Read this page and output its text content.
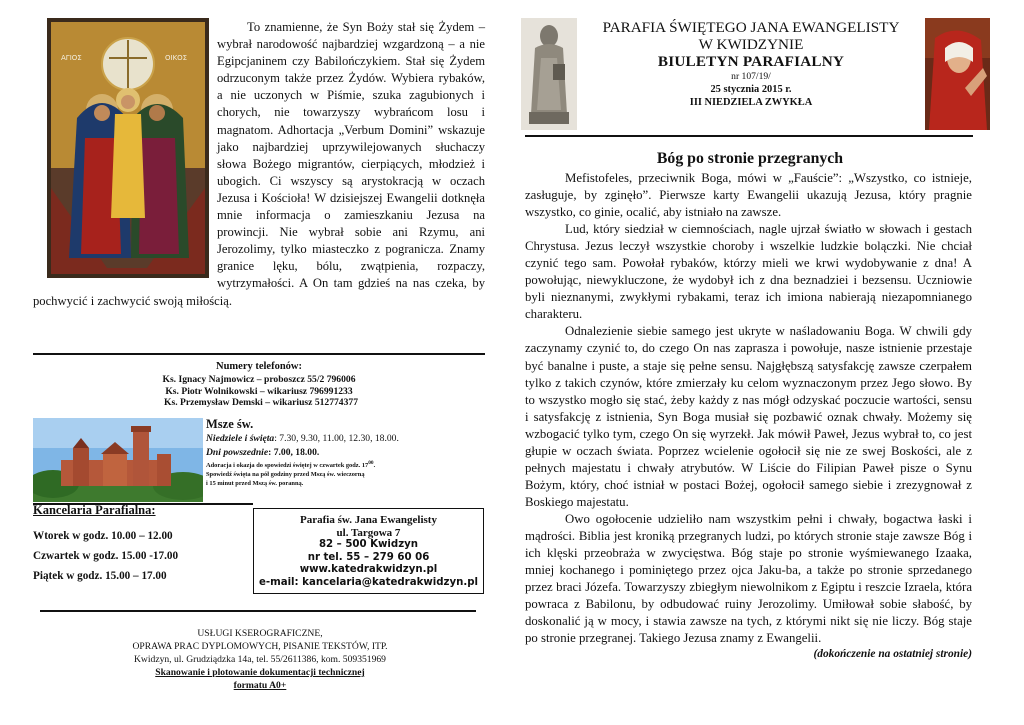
ΑΓΙΟΣ	ΟΙΚΟΣ
To znamienne, że Syn Boży stał się Żydem – wybrał narodowość najbardziej wzgardzoną – a nie Egipcjaninem czy Babilończykiem. Stał się Żydem odrzuconym także przez Żydów. Wybiera rybaków, a nie uczonych w Piśmie, szuka zagubionych i chorych, nie towarzyszy wybrańcom losu i magnatom. Adhortacja „Verbum Domini” wskazuje jako najbardziej uprzywilejowanych słuchaczy słowa Bożego migrantów, cierpiących, młodzież i ubogich. Ci wszyscy są arystokracją w oczach Jezusa i Kościoła! W dzisiejszej Ewangelii dotknęła mnie informacja o zamieszkaniu Jezusa na prowincji. Nie wybrał sobie ani Rzymu, ani Jerozolimy, tylko miasteczko z pogranicza. Znamy granice lęku, bólu, zwątpienia, rozpaczy, wytrzymałości. A On tam gdzieś na nas czeka, by pochwycić i zachwycić swoją miłością.
Numery telefonów:
Ks. Ignacy Najmowicz – proboszcz 55/2 796006
Ks. Piotr Wolnikowski – wikariusz 796991233
Ks. Przemysław Demski – wikariusz 512774377
Msze św.
Niedziele i święta: 7.30, 9.30, 11.00, 12.30, 18.00.
Dni powszednie: 7.00, 18.00.
Adoracja i okazja do spowiedzi świętej w czwartek godz. $17^{00}$.
Spowiedź święta na pół godziny przed Mszą św. wieczorną
i 15 minut przed Mszą św. poranną.
Kancelaria Parafialna:
Wtorek w godz. 10.00 – 12.00
Czwartek w godz. 15.00 -17.00
Piątek w godz. 15.00 – 17.00
Parafia św. Jana Ewangelisty
ul. Targowa 7
82 – 500 Kwidzyn
nr tel. 55 – 279 60 06
www.katedrakwidzyn.pl
e-mail: kancelaria@katedrakwidzyn.pl
USŁUGI KSEROGRAFICZNE,
OPRAWA PRAC DYPLOMOWYCH, PISANIE TEKSTÓW, ITP.
Kwidzyn, ul. Grudziądzka 14a, tel. 55/2611386, kom. 509351969
Skanowanie i plotowanie dokumentacji technicznej
formatu A0+
PARAFIA ŚWIĘTEGO JANA EWANGELISTY
W KWIDZYNIE
BIULETYN PARAFIALNY
nr 107/19/
25 stycznia 2015 r.
III NIEDZIELA ZWYKŁA
Bóg po stronie przegranych

Mefistofeles, przeciwnik Boga, mówi w „Fauście”: „Wszystko, co istnieje, zasługuje, by zginęło”. Pierwsze karty Ewangelii ukazują Jezusa, który pragnie wszystko, co ginie, ocalić, aby istniało na zawsze.

Lud, który siedział w ciemnościach, nagle ujrzał światło w słowach i gestach Chrystusa. Jezus leczył wszystkie choroby i wszelkie ludzkie bolączki. Nie chciał czynić tego sam. Powołał rybaków, którzy mieli we krwi wydobywanie z dna! A powołując, niewykluczone, że wydobył ich z dna beznadziei i bezsensu. Uczniowie byli nieznanymi, zwykłymi rybakami, teraz ich imiona nabierają niezapomnianego charakteru.

Odnalezienie siebie samego jest ukryte w naśladowaniu Boga. W chwili gdy zaczynamy czynić to, do czego On nas zaprasza i powołuje, nasze istnienie przestaje być banalne i puste, a staje się pełne sensu. Najgłębszą satysfakcję zawsze czerpałem tylko z takich czynów, które zmierzały ku celom wyznaczonym przez Jego słowo. By to wszystko mogło się stać, żeby każdy z nas mógł odzyskać poczucie wartości, sensu i satysfakcję z istnienia, Syn Boga musiał się pozbawić oznak chwały. Możemy się wzbogacić tylko tym, czego On się wyrzekł. Jak mówił Paweł, Jezus wybrał to, co jest głupie w oczach świata. Poprzez wcielenie ogołocił się nie ze swej Boskości, ale z pełnych majestatu i chwały atrybutów. W Liście do Filipian Paweł pisze o Synu Bożym, który, choć istniał w postaci Bożej, ogołocił samego siebie i zrezygnował z Boskiego majestatu.

Owo ogołocenie udzieliło nam wszystkim pełni i chwały, bogactwa łaski i mądrości. Biblia jest kroniką przegranych ludzi, po których stronie staje zawsze Bóg i ich klęski przeobraża w zwycięstwa. Bóg staje po stronie wyśmiewanego Izaaka, mniej kochanego i pominiętego przez ojca Jaku-ba, a także po stronie sprzedanego przez braci Józefa. Towarzyszy zbiegłym niewolnikom z Egiptu i reszcie Izraela, która powraca z Babilonu, by odbudować ruiny Jerozolimy. Umiłował sobie słabość, by doskonalić ją w mocy, i stawia zawsze na tych, z którymi nikt się nie liczy. Bóg staje po stronie przegranej. Takiego Jezusa znamy z Ewangelii.

(dokończenie na ostatniej stronie)
